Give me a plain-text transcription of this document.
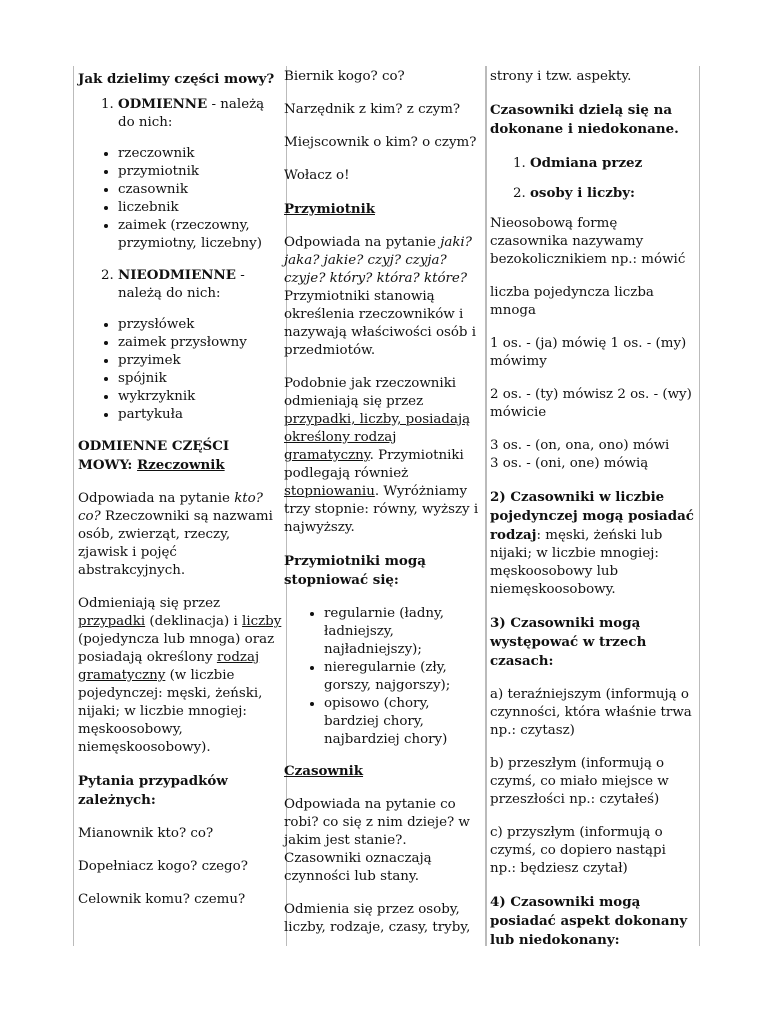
Jak dzielimy części mowy?

1. ODMIENNE - należą do nich:
• rzeczownik
• przymiotnik
• czasownik
• liczebnik
• zaimek (rzeczowny, przymiotny, liczebny)
2. NIEODMIENNE - należą do nich:
• przysłówek
• zaimek przysłowny
• przyimek
• spójnik
• wykrzyknik
• partykuła

ODMIENNE CZĘŚCI MOWY: Rzeczownik

Odpowiada na pytanie kto? co? Rzeczowniki są nazwami osób, zwierząt, rzeczy, zjawisk i pojęć abstrakcyjnych.

Odmieniają się przez przypadki (deklinacja) i liczby (pojedyncza lub mnoga) oraz posiadają określony rodzaj gramatyczny (w liczbie pojedynczej: męski, żeński, nijaki; w liczbie mnogiej: męskoosobowy, niemęskoosobowy).

Pytania przypadków zależnych:

Mianownik kto? co?

Dopełniacz kogo? czego?

Celownik komu? czemu?

Biernik kogo? co?

Narzędnik z kim? z czym?

Miejscownik o kim? o czym?

Wołacz o!

Przymiotnik

Odpowiada na pytanie jaki? jaka? jakie? czyj? czyja? czyje? który? która? które? Przymiotniki stanowią określenia rzeczowników i nazywają właściwości osób i przedmiotów.

Podobnie jak rzeczowniki odmieniają się przez przypadki, liczby, posiadają określony rodzaj gramatyczny. Przymiotniki podlegają również stopniowaniu. Wyróżniamy trzy stopnie: równy, wyższy i najwyższy.

Przymiotniki mogą stopniować się:

• regularnie (ładny, ładniejszy, najładniejszy);
• nieregularnie (zły, gorszy, najgorszy);
• opisowo (chory, bardziej chory, najbardziej chory)

Czasownik

Odpowiada na pytanie co robi? co się z nim dzieje? w jakim jest stanie?. Czasowniki oznaczają czynności lub stany.

Odmienia się przez osoby, liczby, rodzaje, czasy, tryby,

strony i tzw. aspekty.

Czasowniki dzielą się na dokonane i niedokonane.

1. Odmiana przez
2. osoby i liczby:

Nieosobową formę czasownika nazywamy bezokolicznikiem np.: mówić

liczba pojedyncza liczba mnoga

1 os. - (ja) mówię 1 os. - (my) mówimy

2 os. - (ty) mówisz 2 os. - (wy) mówicie

3 os. - (on, ona, ono) mówi
3 os. - (oni, one) mówią

2) Czasowniki w liczbie pojedynczej mogą posiadać rodzaj: męski, żeński lub nijaki; w liczbie mnogiej: męskoosobowy lub niemęskoosobowy.

3) Czasowniki mogą występować w trzech czasach:

a) teraźniejszym (informują o czynności, która właśnie trwa np.: czytasz)

b) przeszłym (informują o czymś, co miało miejsce w przeszłości np.: czytałeś)

c) przyszłym (informują o czymś, co dopiero nastąpi np.: będziesz czytał)

4) Czasowniki mogą posiadać aspekt dokonany lub niedokonany:
